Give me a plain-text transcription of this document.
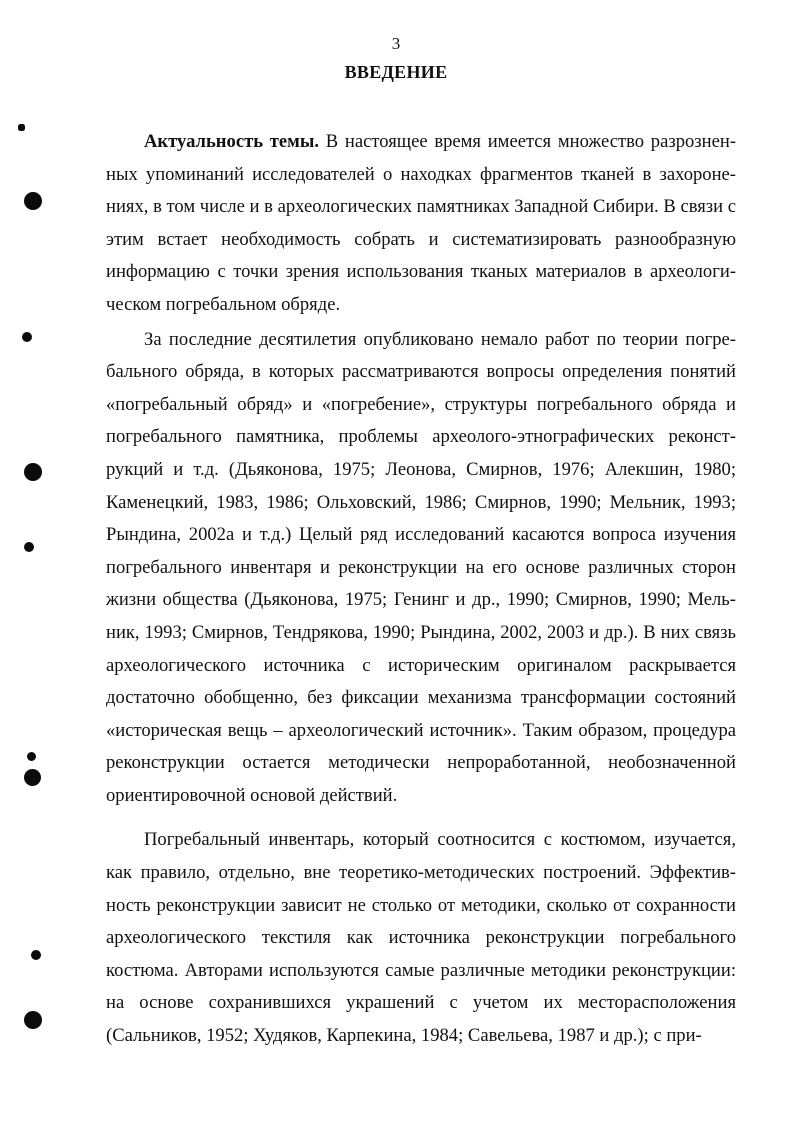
3
ВВЕДЕНИЕ

Актуальность темы. В настоящее время имеется множество разрозненных упоминаний исследователей о находках фрагментов тканей в захоронениях, в том числе и в археологических памятниках Западной Сибири. В связи с этим встает необходимость собрать и систематизировать разнообразную информацию с точки зрения использования тканых материалов в археологическом погребальном обряде.

За последние десятилетия опубликовано немало работ по теории погребального обряда, в которых рассматриваются вопросы определения понятий «погребальный обряд» и «погребение», структуры погребального обряда и погребального памятника, проблемы археолого-этнографических реконструкций и т.д. (Дьяконова, 1975; Леонова, Смирнов, 1976; Алекшин, 1980; Каменецкий, 1983, 1986; Ольховский, 1986; Смирнов, 1990; Мельник, 1993; Рындина, 2002а и т.д.) Целый ряд исследований касаются вопроса изучения погребального инвентаря и реконструкции на его основе различных сторон жизни общества (Дьяконова, 1975; Генинг и др., 1990; Смирнов, 1990; Мельник, 1993; Смирнов, Тендрякова, 1990; Рындина, 2002, 2003 и др.). В них связь археологического источника с историческим оригиналом раскрывается достаточно обобщенно, без фиксации механизма трансформации состояний «историческая вещь – археологический источник». Таким образом, процедура реконструкции остается методически непроработанной, необозначенной ориентировочной основой действий.

Погребальный инвентарь, который соотносится с костюмом, изучается, как правило, отдельно, вне теоретико-методических построений. Эффективность реконструкции зависит не столько от методики, сколько от сохранности археологического текстиля как источника реконструкции погребального костюма. Авторами используются самые различные методики реконструкции: на основе сохранившихся украшений с учетом их месторасположения (Сальников, 1952; Худяков, Карпекина, 1984; Савельева, 1987 и др.); с при-
